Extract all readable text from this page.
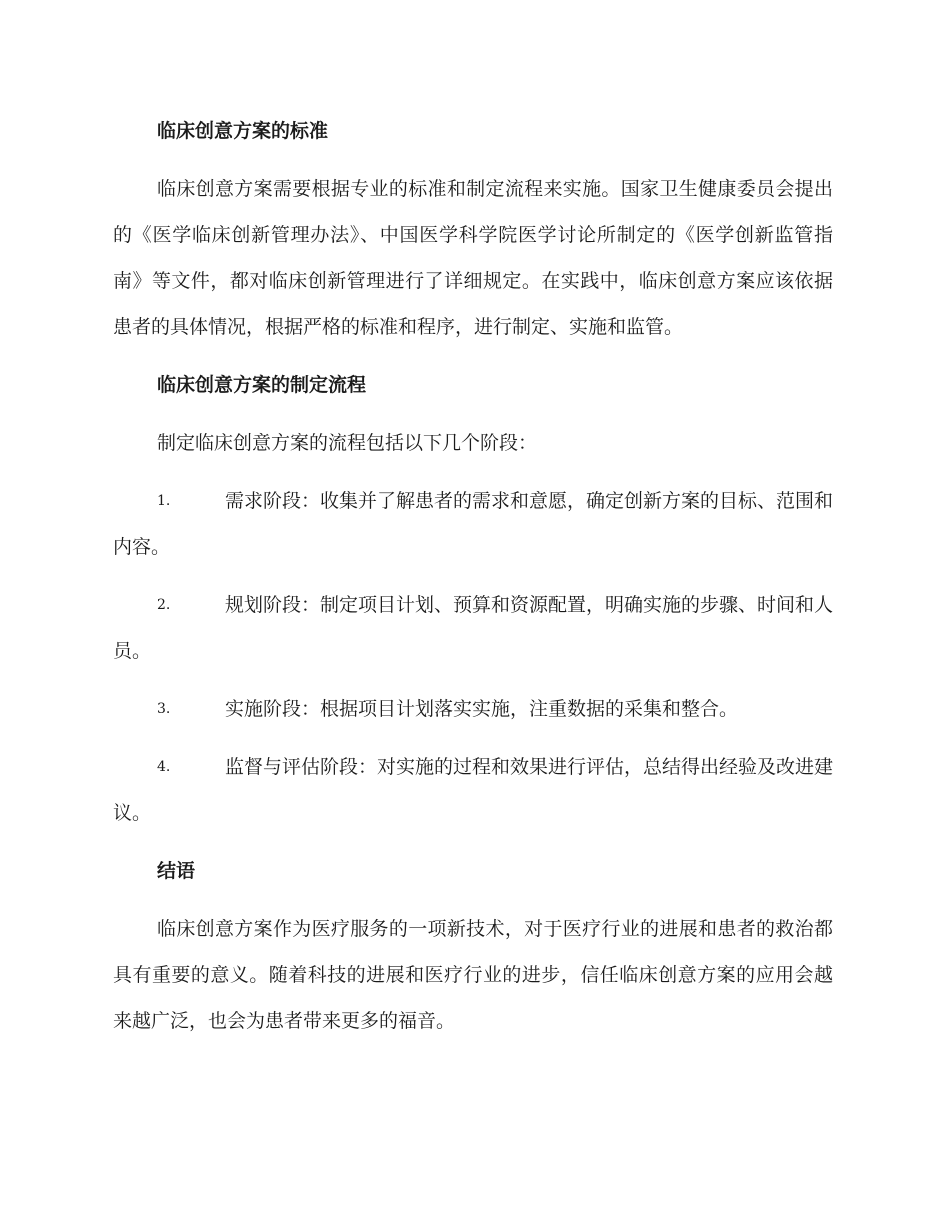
临床创意方案的标准

临床创意方案需要根据专业的标准和制定流程来实施。国家卫生健康委员会提出的《医学临床创新管理办法》、中国医学科学院医学讨论所制定的《医学创新监管指南》等文件，都对临床创新管理进行了详细规定。在实践中，临床创意方案应该依据患者的具体情况，根据严格的标准和程序，进行制定、实施和监管。

临床创意方案的制定流程

制定临床创意方案的流程包括以下几个阶段：

1.	需求阶段：收集并了解患者的需求和意愿，确定创新方案的目标、范围和内容。

2.	规划阶段：制定项目计划、预算和资源配置，明确实施的步骤、时间和人员。

3.	实施阶段：根据项目计划落实实施，注重数据的采集和整合。

4.	监督与评估阶段：对实施的过程和效果进行评估，总结得出经验及改进建议。

结语

临床创意方案作为医疗服务的一项新技术，对于医疗行业的进展和患者的救治都具有重要的意义。随着科技的进展和医疗行业的进步，信任临床创意方案的应用会越来越广泛，也会为患者带来更多的福音。
